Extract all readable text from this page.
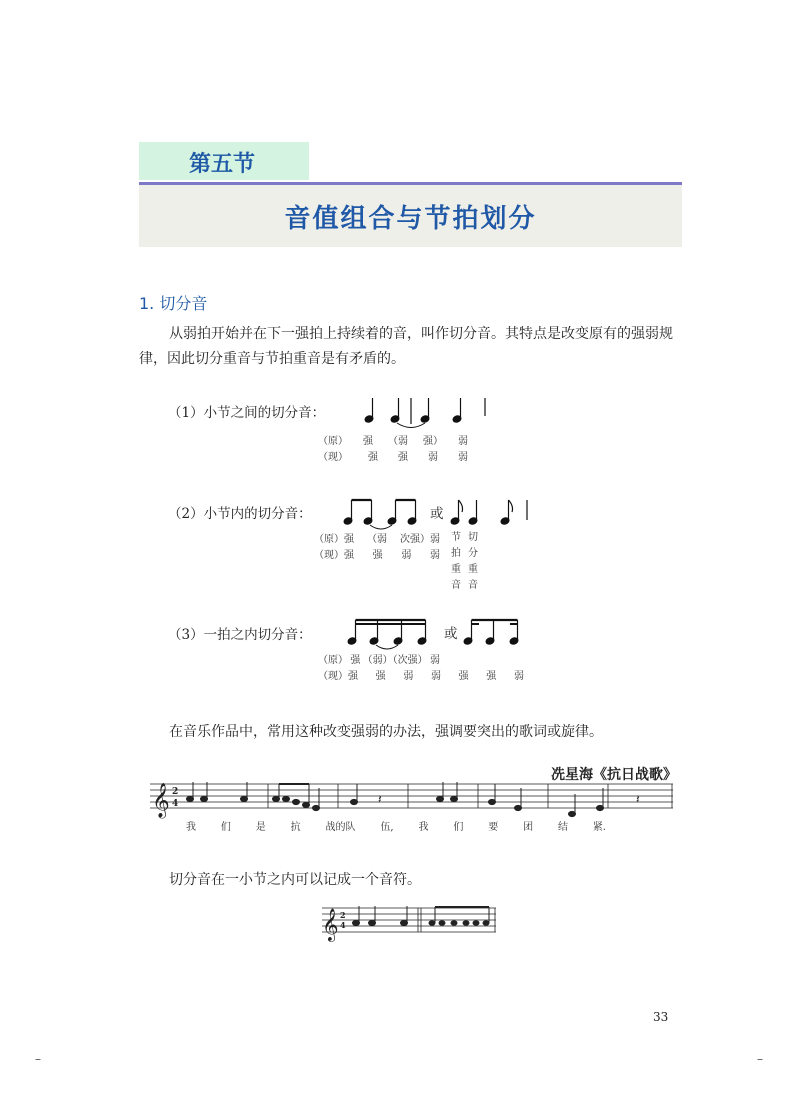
第五节
音值组合与节拍划分
1. 切分音
从弱拍开始并在下一强拍上持续着的音，叫作切分音。其特点是改变原有的强弱规律，因此切分重音与节拍重音是有矛盾的。
（1）小节之间的切分音：
（原） 强 （弱 强） 弱
（现） 强 强 弱 弱
（2）小节内的切分音：	或
（原）强 （弱 次强）弱
（现）强 强 弱 弱
节拍重音
切分重音
（3）一拍之内切分音：	或
（原） 强 （弱）（次强） 弱
（现）强 强 弱 弱 强 强 弱
在音乐作品中，常用这种改变强弱的办法，强调要突出的歌词或旋律。
冼星海《抗日战歌》
𝄞 2
4	𝄽	𝄽
我 们 是 抗 战的队 伍, 我 们 要 团 结 紧.
切分音在一小节之内可以记成一个音符。
𝄞 2
4
33
–	–
